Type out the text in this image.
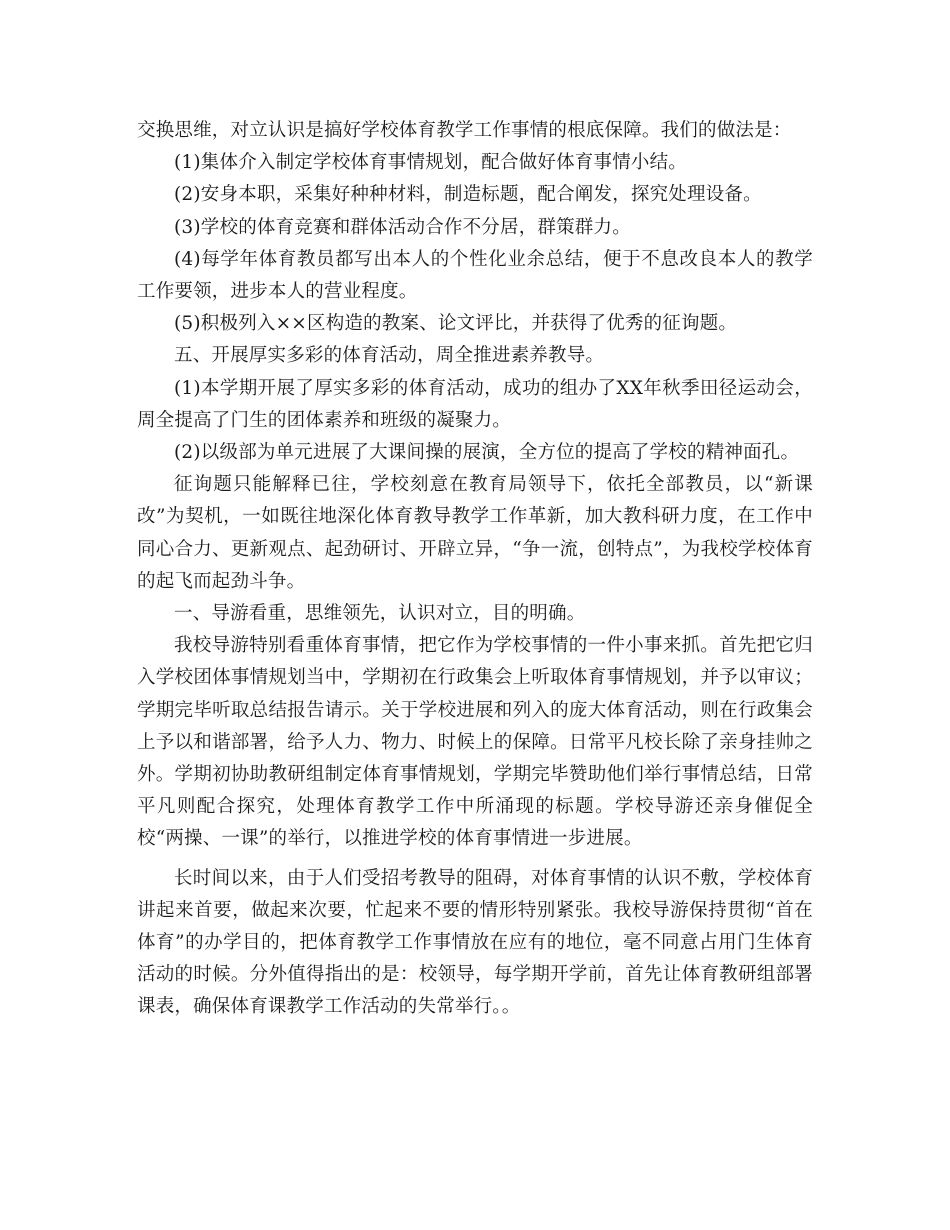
交换思维，对立认识是搞好学校体育教学工作事情的根底保障。我们的做法是：

(1)集体介入制定学校体育事情规划，配合做好体育事情小结。

(2)安身本职，采集好种种材料，制造标题，配合阐发，探究处理设备。

(3)学校的体育竞赛和群体活动合作不分居，群策群力。

(4)每学年体育教员都写出本人的个性化业余总结，便于不息改良本人的教学工作要领，进步本人的营业程度。

(5)积极列入××区构造的教案、论文评比，并获得了优秀的征询题。

五、开展厚实多彩的体育活动，周全推进素养教导。

(1)本学期开展了厚实多彩的体育活动，成功的组办了XX年秋季田径运动会，周全提高了门生的团体素养和班级的凝聚力。

(2)以级部为单元进展了大课间操的展演，全方位的提高了学校的精神面孔。

征询题只能解释已往，学校刻意在教育局领导下，依托全部教员，以“新课改”为契机，一如既往地深化体育教导教学工作革新，加大教科研力度，在工作中同心合力、更新观点、起劲研讨、开辟立异，“争一流，创特点”，为我校学校体育的起飞而起劲斗争。

一、导游看重，思维领先，认识对立，目的明确。

我校导游特别看重体育事情，把它作为学校事情的一件小事来抓。首先把它归入学校团体事情规划当中，学期初在行政集会上听取体育事情规划，并予以审议；学期完毕听取总结报告请示。关于学校进展和列入的庞大体育活动，则在行政集会上予以和谐部署，给予人力、物力、时候上的保障。日常平凡校长除了亲身挂帅之外。学期初协助教研组制定体育事情规划，学期完毕赞助他们举行事情总结，日常平凡则配合探究，处理体育教学工作中所涌现的标题。学校导游还亲身催促全校“两操、一课”的举行，以推进学校的体育事情进一步进展。

长时间以来，由于人们受招考教导的阻碍，对体育事情的认识不敷，学校体育讲起来首要，做起来次要，忙起来不要的情形特别紧张。我校导游保持贯彻“首在体育”的办学目的，把体育教学工作事情放在应有的地位，毫不同意占用门生体育活动的时候。分外值得指出的是：校领导，每学期开学前，首先让体育教研组部署课表，确保体育课教学工作活动的失常举行。。
